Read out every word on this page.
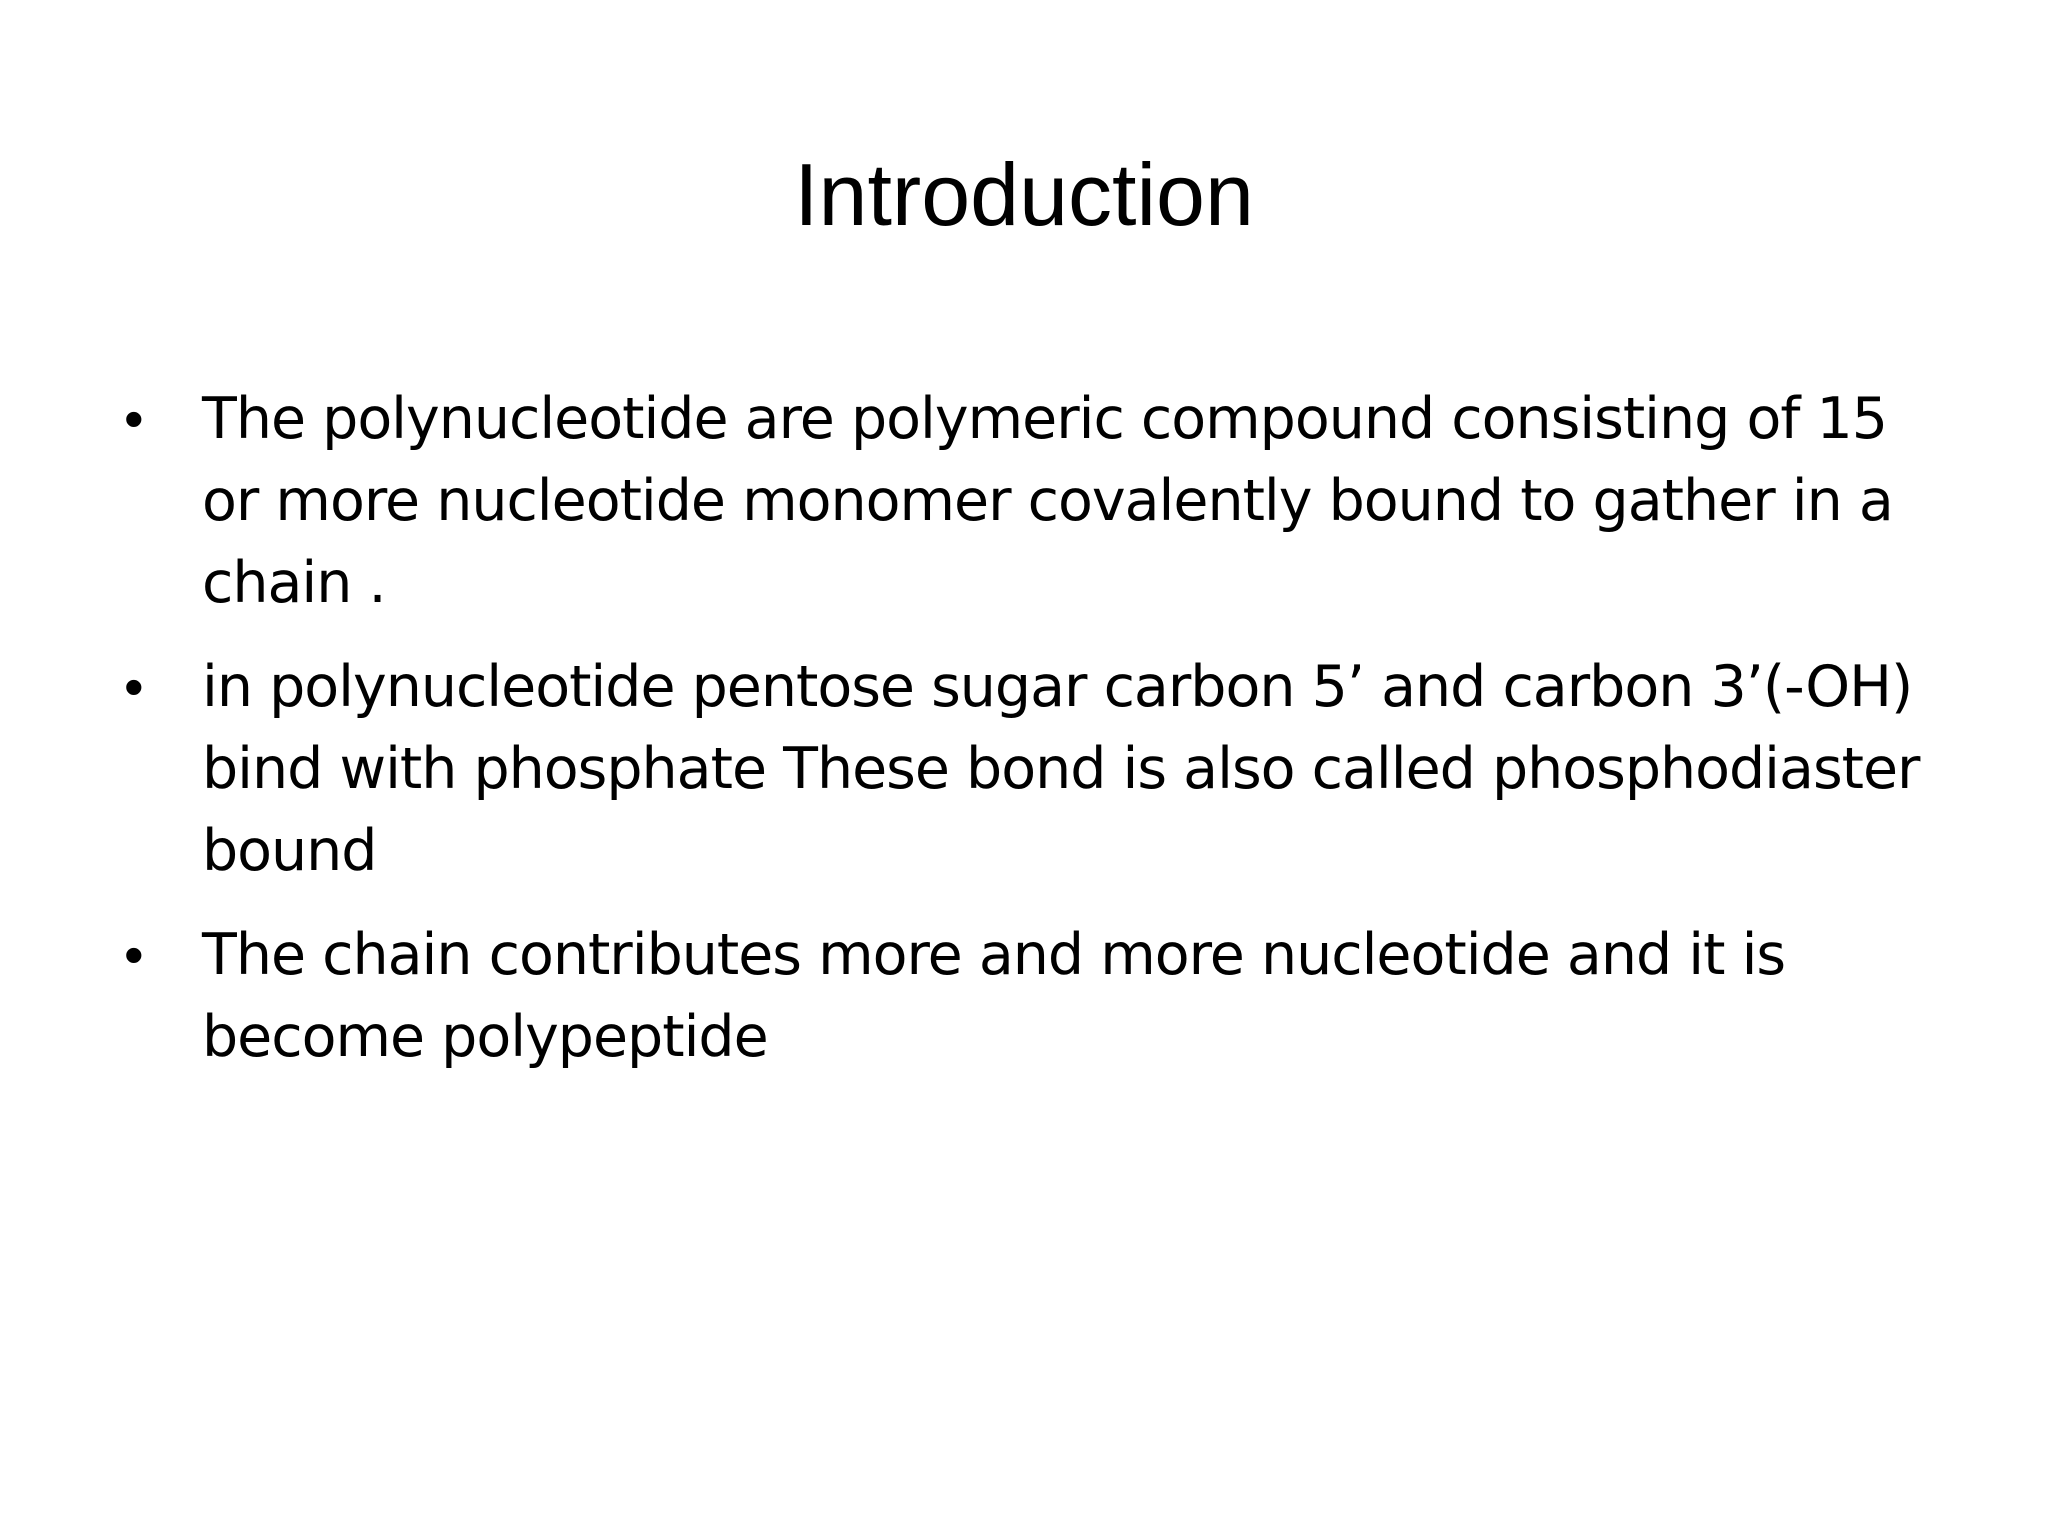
Introduction
• The polynucleotide are polymeric compound consisting of 15 or more nucleotide monomer covalently bound to gather in a chain .
• in polynucleotide pentose sugar carbon 5’ and carbon 3’(-OH) bind with phosphate These bond is also called phosphodiaster bound
• The chain contributes more and more nucleotide and it is become polypeptide
